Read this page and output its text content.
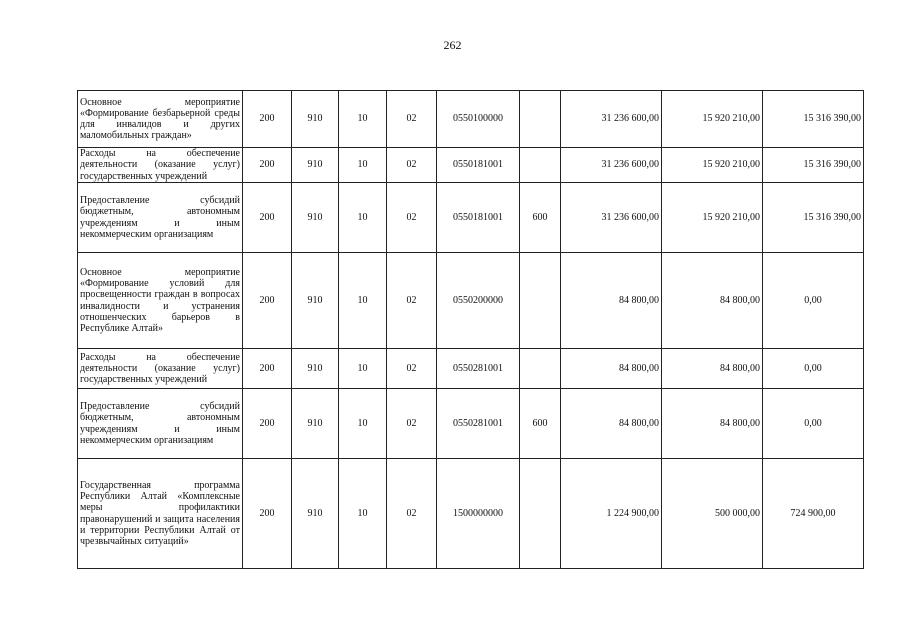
262
Основное мероприятие «Формирование безбарьерной среды для инвалидов и других маломобильных граждан»	200	910	10	02	0550100000		31 236 600,00	15 920 210,00	15 316 390,00
Расходы на обеспечение деятельности (оказание услуг) государственных учреждений	200	910	10	02	0550181001		31 236 600,00	15 920 210,00	15 316 390,00
Предоставление субсидий бюджетным, автономным учреждениям и иным некоммерческим организациям	200	910	10	02	0550181001	600	31 236 600,00	15 920 210,00	15 316 390,00
Основное мероприятие «Формирование условий для просвещенности граждан в вопросах инвалидности и устранения отношенческих барьеров в Республике Алтай»	200	910	10	02	0550200000		84 800,00	84 800,00	0,00
Расходы на обеспечение деятельности (оказание услуг) государственных учреждений	200	910	10	02	0550281001		84 800,00	84 800,00	0,00
Предоставление субсидий бюджетным, автономным учреждениям и иным некоммерческим организациям	200	910	10	02	0550281001	600	84 800,00	84 800,00	0,00
Государственная программа Республики Алтай «Комплексные меры профилактики правонарушений и защита населения и территории Республики Алтай от чрезвычайных ситуаций»	200	910	10	02	1500000000		1 224 900,00	500 000,00	724 900,00
